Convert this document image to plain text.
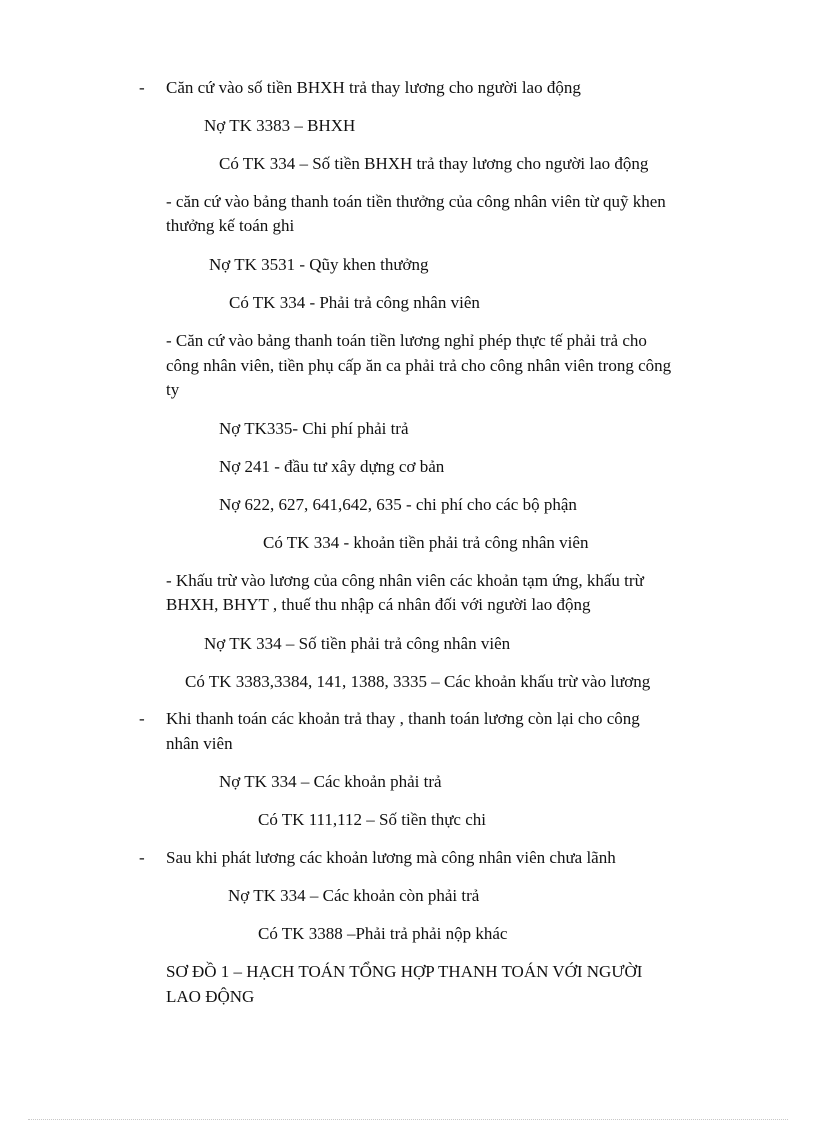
- Căn cứ vào số tiền BHXH trả thay lương cho người lao động
Nợ TK 3383 – BHXH
Có TK 334 – Số tiền BHXH trả thay lương cho người lao động
- căn cứ vào bảng thanh toán tiền thưởng của công nhân viên từ quỹ khen
thưởng kế toán ghi
Nợ TK 3531 - Qũy khen thưởng
Có TK 334 - Phải trả công nhân viên
- Căn cứ vào bảng thanh toán tiền lương nghỉ phép thực tế phải trả cho
công nhân viên, tiền phụ cấp ăn ca phải trả cho công nhân viên trong công
ty
Nợ TK335- Chi phí phải trả
Nợ 241 - đầu tư xây dựng cơ bản
Nợ 622, 627, 641,642, 635 - chi phí cho các bộ phận
Có TK 334 - khoản tiền phải trả công nhân viên
- Khấu trừ vào lương của công nhân viên các khoản tạm ứng, khấu trừ
BHXH, BHYT , thuế thu nhập cá nhân đối với người lao động
Nợ TK 334 – Số tiền phải trả công nhân viên
Có TK 3383,3384, 141, 1388, 3335 – Các khoản khấu trừ vào lương
- Khi thanh toán các khoản trả thay , thanh toán lương còn lại cho công
nhân viên
Nợ TK 334 – Các khoản phải trả
Có TK 111,112 – Số tiền thực chi
- Sau khi phát lương các khoản lương mà công nhân viên chưa lãnh
Nợ TK 334 – Các khoản còn phải trả
Có TK 3388 –Phải trả phải nộp khác
SƠ ĐỒ 1 – HẠCH TOÁN TỔNG HỢP THANH TOÁN VỚI NGƯỜI
LAO ĐỘNG
